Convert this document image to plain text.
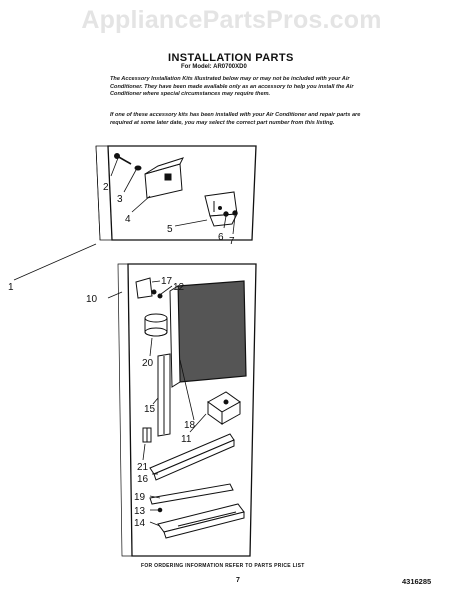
AppliancePartsPros.com
INSTALLATION PARTS
For Model: AR0700XD0
The Accessory Installation Kits illustrated below may or may not be included with your Air Conditioner. They have been made available only as an accessory to help you install the Air Conditioner where special circumstances may require them.
If one of these accessory kits has been installed with your Air Conditioner and repair parts are required at some later date, you may select the correct part number from this listing.
2
3
4
5
6 7
1
10
17
12
20
15
18
11
21
16
19
13
14
FOR ORDERING INFORMATION REFER TO PARTS PRICE LIST
7	4316285
